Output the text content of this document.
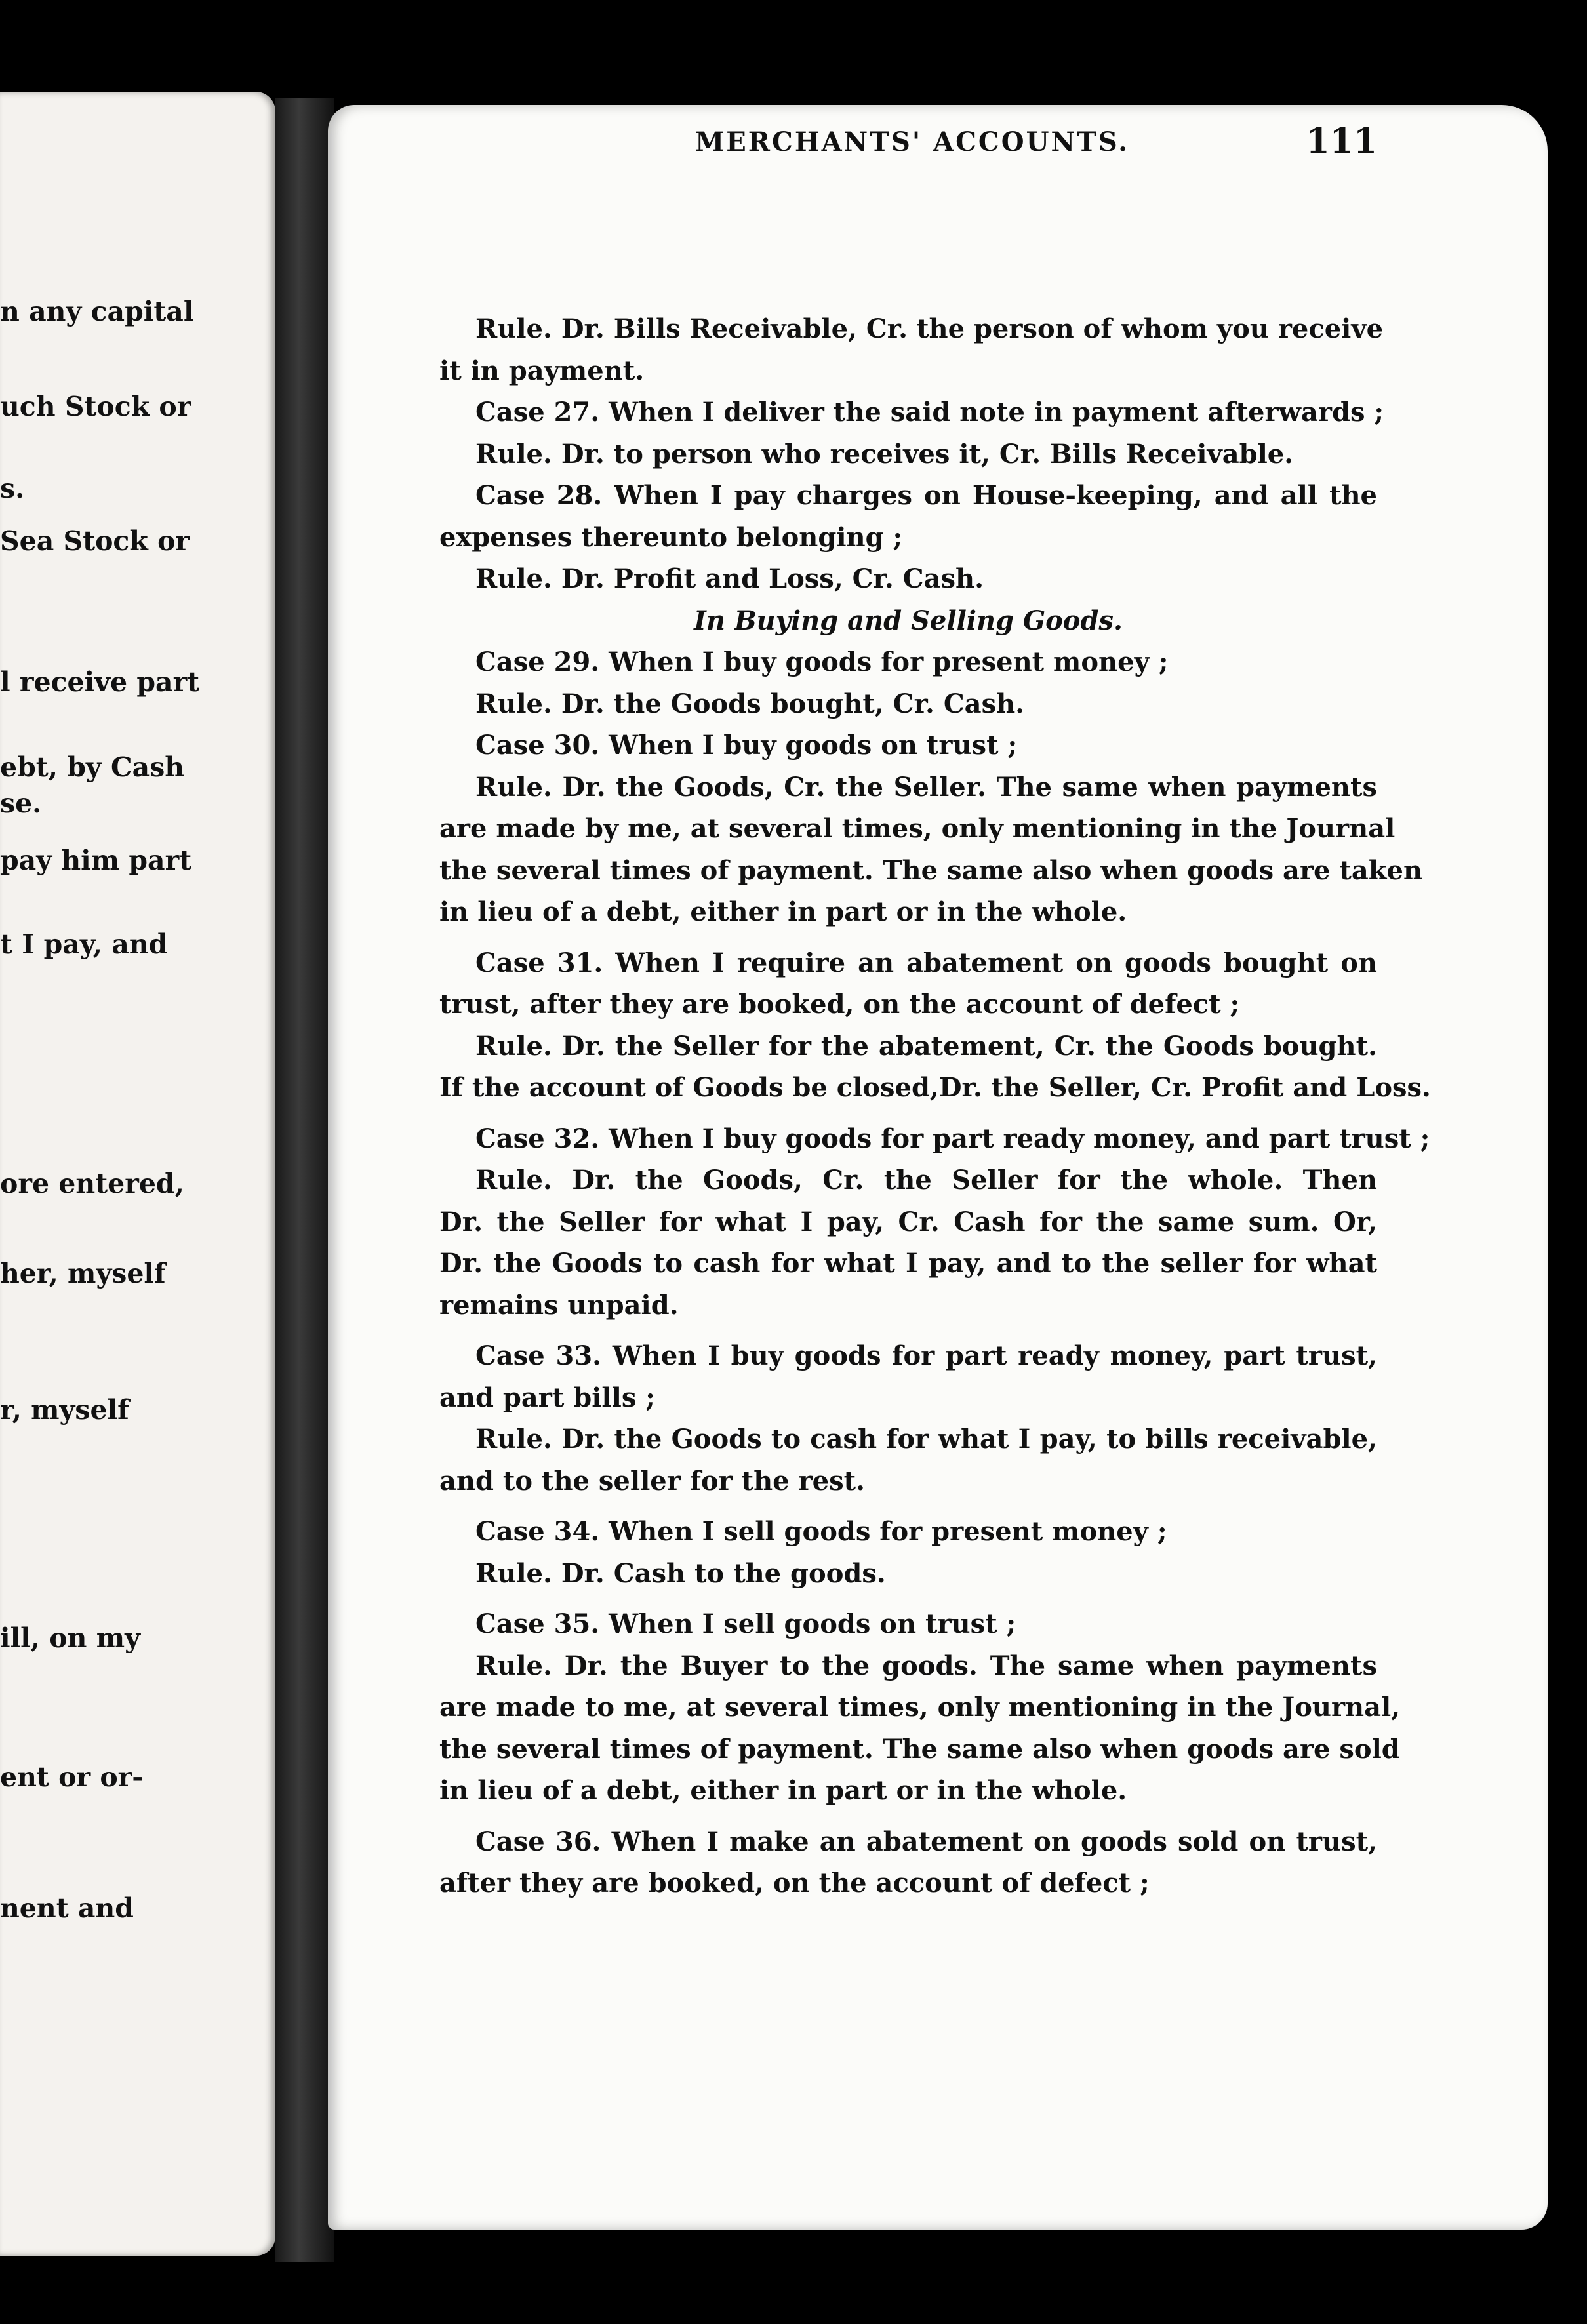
n any capital
uch Stock or
s.
Sea Stock or
l receive part
ebt, by Cash
se.
pay him part
t I pay, and
ore entered,
her, myself
r, myself
ill, on my
ent or or-
nent and
MERCHANTS' ACCOUNTS.	111
Rule. Dr. Bills Receivable, Cr. the person of whom you receive
it in payment.
Case 27. When I deliver the said note in payment afterwards ;
Rule. Dr. to person who receives it, Cr. Bills Receivable.
Case 28. When I pay charges on House-keeping, and all the
expenses thereunto belonging ;
Rule. Dr. Profit and Loss, Cr. Cash.
In Buying and Selling Goods.
Case 29. When I buy goods for present money ;
Rule. Dr. the Goods bought, Cr. Cash.
Case 30. When I buy goods on trust ;
Rule. Dr. the Goods, Cr. the Seller. The same when payments
are made by me, at several times, only mentioning in the Journal
the several times of payment. The same also when goods are taken
in lieu of a debt, either in part or in the whole.
Case 31. When I require an abatement on goods bought on
trust, after they are booked, on the account of defect ;
Rule. Dr. the Seller for the abatement, Cr. the Goods bought.
If the account of Goods be closed,Dr. the Seller, Cr. Profit and Loss.
Case 32. When I buy goods for part ready money, and part trust ;
Rule. Dr. the Goods, Cr. the Seller for the whole. Then
Dr. the Seller for what I pay, Cr. Cash for the same sum. Or,
Dr. the Goods to cash for what I pay, and to the seller for what
remains unpaid.
Case 33. When I buy goods for part ready money, part trust,
and part bills ;
Rule. Dr. the Goods to cash for what I pay, to bills receivable,
and to the seller for the rest.
Case 34. When I sell goods for present money ;
Rule. Dr. Cash to the goods.
Case 35. When I sell goods on trust ;
Rule. Dr. the Buyer to the goods. The same when payments
are made to me, at several times, only mentioning in the Journal,
the several times of payment. The same also when goods are sold
in lieu of a debt, either in part or in the whole.
Case 36. When I make an abatement on goods sold on trust,
after they are booked, on the account of defect ;
